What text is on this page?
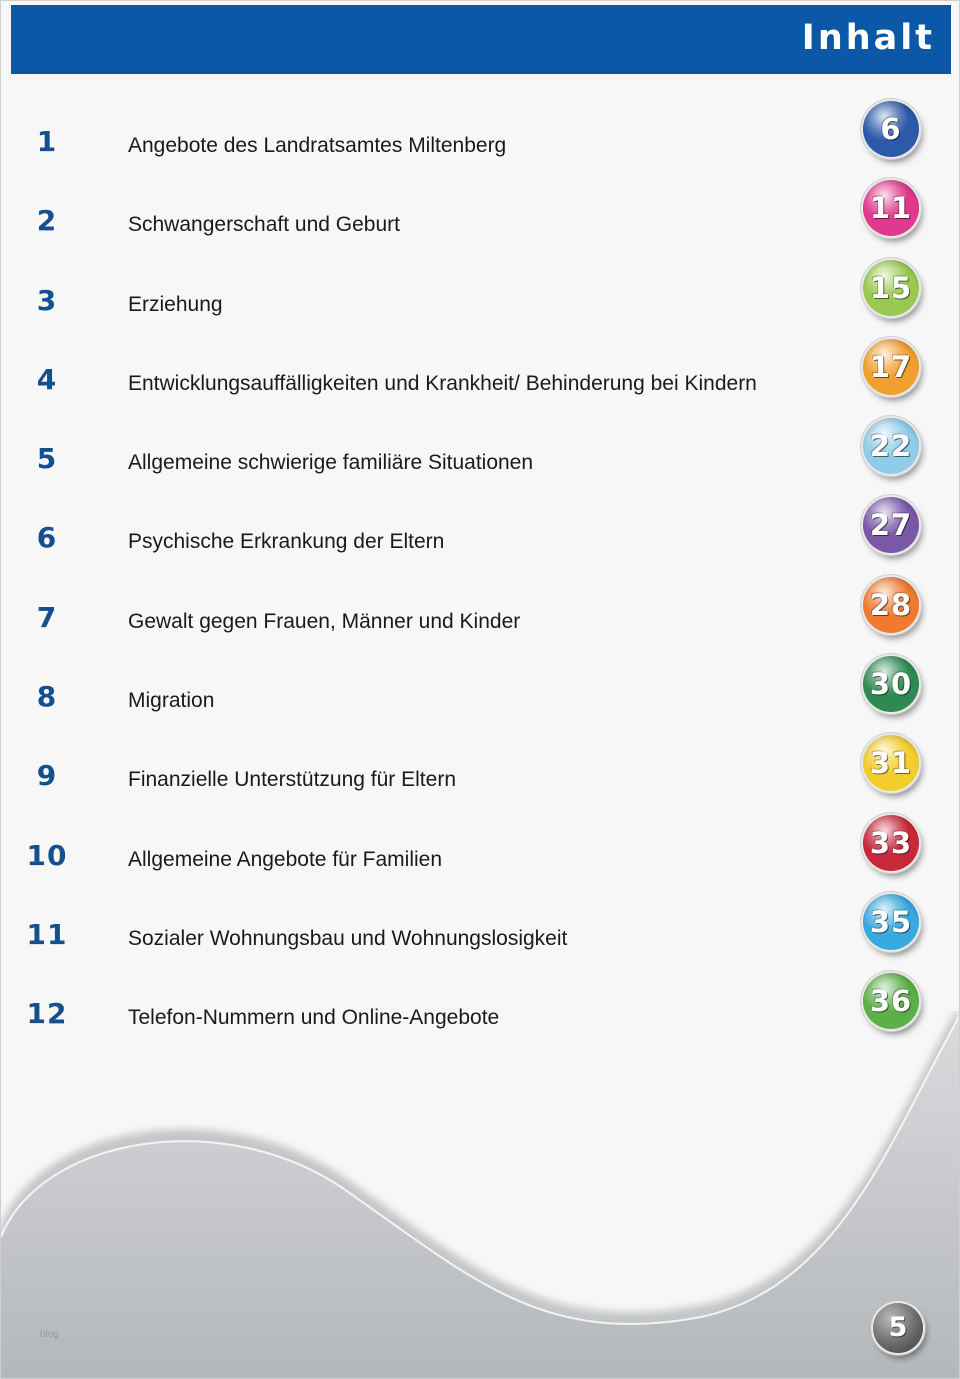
Inhalt
1	Angebote des Landratsamtes Miltenberg	6
2	Schwangerschaft und Geburt	11
3	Erziehung	15
4	Entwicklungsauffälligkeiten und Krankheit/ Behinderung bei Kindern	17
5	Allgemeine schwierige familiäre Situationen	22
6	Psychische Erkrankung der Eltern	27
7	Gewalt gegen Frauen, Männer und Kinder	28
8	Migration	30
9	Finanzielle Unterstützung für Eltern	31
10	Allgemeine Angebote für Familien	33
11	Sozialer Wohnungsbau und Wohnungslosigkeit	35
12	Telefon-Nummern und Online-Angebote	36
blog	5
